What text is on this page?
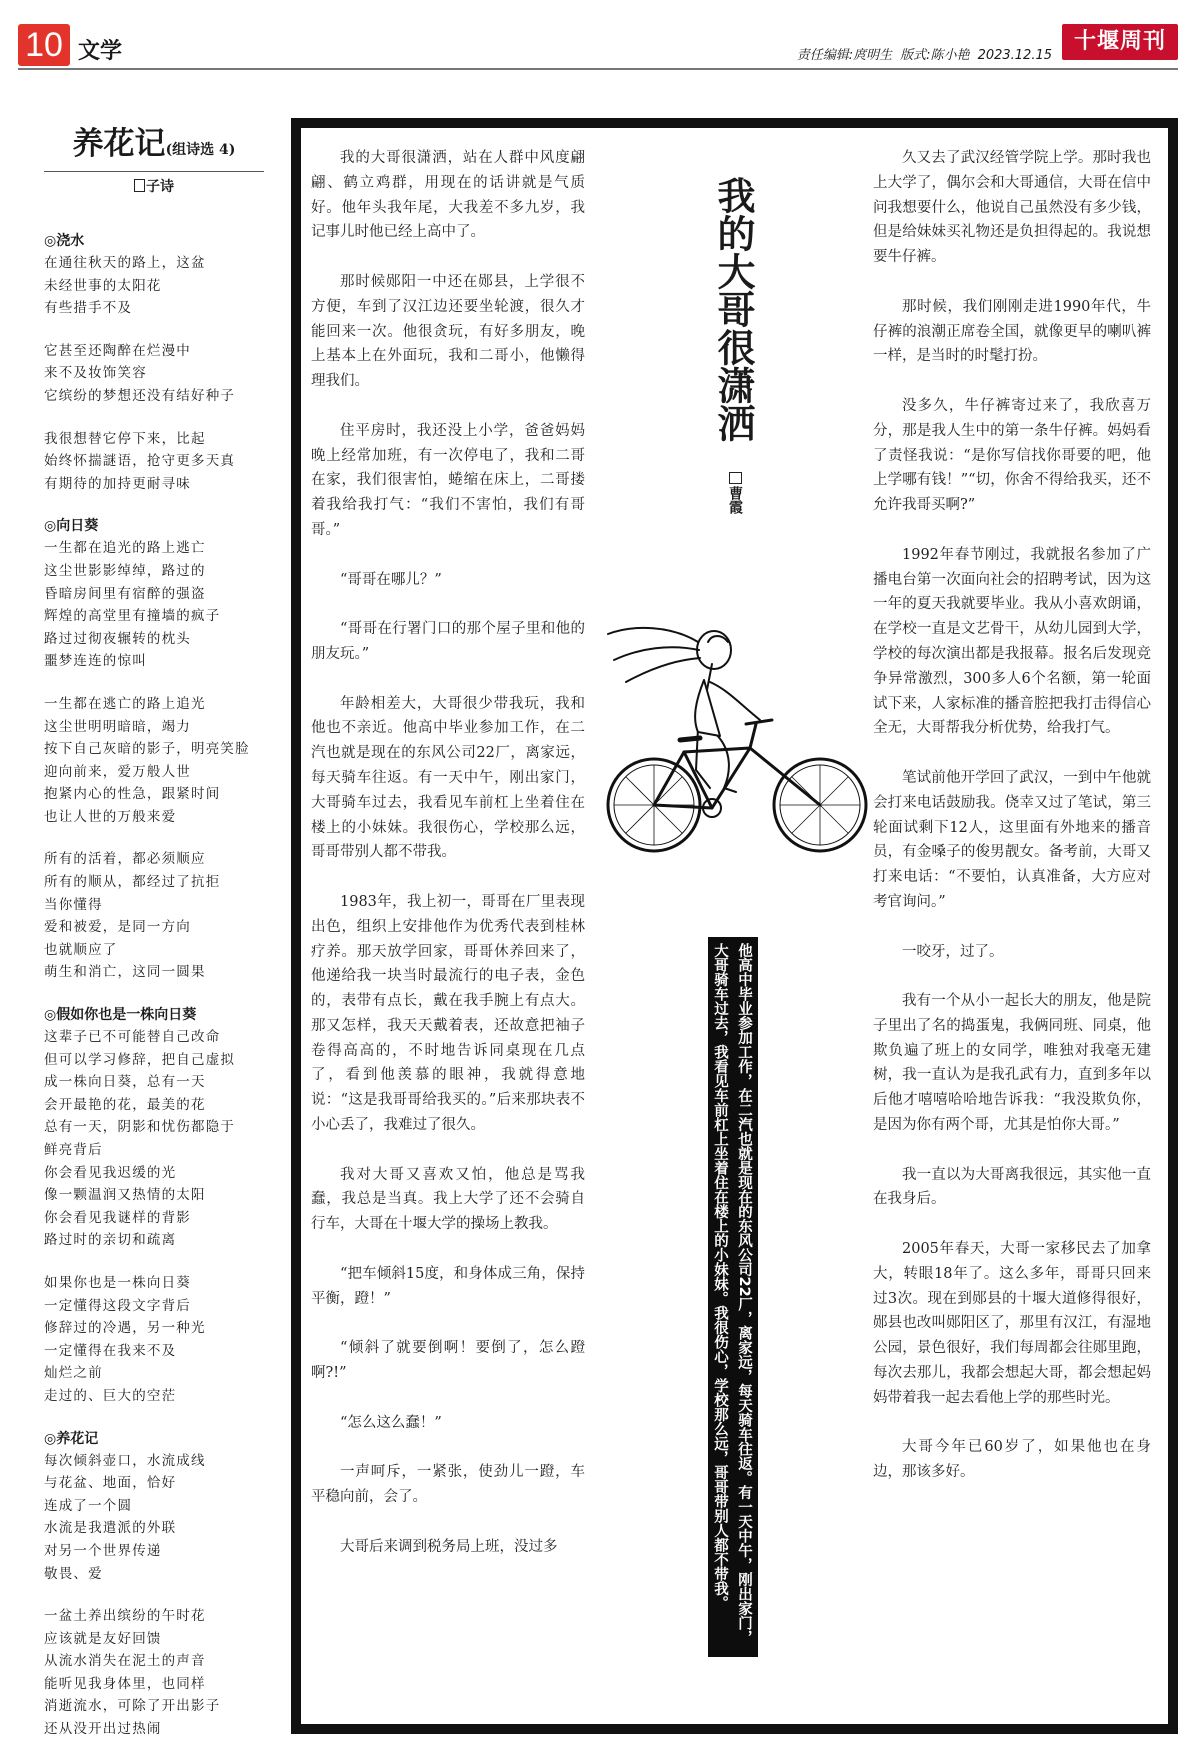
10 文学	责任编辑:庹明生 版式:陈小艳 2023.12.15
十堰周刊
养花记(组诗选 4)
子诗
◎浇水
在通往秋天的路上，这盆
未经世事的太阳花
有些措手不及
它甚至还陶醉在烂漫中
来不及妆饰笑容
它缤纷的梦想还没有结好种子
我很想替它停下来，比起
始终怀揣謎语，抢守更多天真
有期待的加持更耐寻味
◎向日葵
一生都在追光的路上逃亡
这尘世影影绰绰，路过的
昏暗房间里有宿醉的强盗
辉煌的高堂里有撞墙的疯子
路过过彻夜辗转的枕头
噩梦连连的惊叫
一生都在逃亡的路上追光
这尘世明明暗暗，竭力
按下自己灰暗的影子，明亮笑脸
迎向前来，爱万般人世
抱紧内心的性急，跟紧时间
也让人世的万般来爱
所有的活着，都必须顺应
所有的顺从，都经过了抗拒
当你懂得
爱和被爱，是同一方向
也就顺应了
萌生和消亡，这同一圆果
◎假如你也是一株向日葵
这辈子已不可能替自己改命
但可以学习修辞，把自己虚拟
成一株向日葵，总有一天
会开最艳的花，最美的花
总有一天，阴影和忧伤都隐于
鲜亮背后
你会看见我迟缓的光
像一颗温润又热情的太阳
你会看见我谜样的背影
路过时的亲切和疏离
如果你也是一株向日葵
一定懂得这段文字背后
修辞过的冷遇，另一种光
一定懂得在我来不及
灿烂之前
走过的、巨大的空茫
◎养花记
每次倾斜壶口，水流成线
与花盆、地面，恰好
连成了一个圆
水流是我遣派的外联
对另一个世界传递
敬畏、爱
一盆土养出缤纷的午时花
应该就是友好回馈
从流水消失在泥土的声音
能听见我身体里，也同样
消逝流水，可除了开出影子
还从没开出过热闹

我的大哥很潇洒，站在人群中风度翩翩、鹤立鸡群，用现在的话讲就是气质好。他年头我年尾，大我差不多九岁，我记事儿时他已经上高中了。

那时候郧阳一中还在郧县，上学很不方便，车到了汉江边还要坐轮渡，很久才能回来一次。他很贪玩，有好多朋友，晚上基本上在外面玩，我和二哥小，他懒得理我们。

住平房时，我还没上小学，爸爸妈妈晚上经常加班，有一次停电了，我和二哥在家，我们很害怕，蜷缩在床上，二哥搂着我给我打气：“我们不害怕，我们有哥哥。”

“哥哥在哪儿？”

“哥哥在行署门口的那个屋子里和他的朋友玩。”

年龄相差大，大哥很少带我玩，我和他也不亲近。他高中毕业参加工作，在二汽也就是现在的东风公司22厂，离家远，每天骑车往返。有一天中午，刚出家门，大哥骑车过去，我看见车前杠上坐着住在楼上的小妹妹。我很伤心，学校那么远，哥哥带别人都不带我。

1983年，我上初一，哥哥在厂里表现出色，组织上安排他作为优秀代表到桂林疗养。那天放学回家，哥哥休养回来了，他递给我一块当时最流行的电子表，金色的，表带有点长，戴在我手腕上有点大。那又怎样，我天天戴着表，还故意把袖子卷得高高的，不时地告诉同桌现在几点了，看到他羡慕的眼神，我就得意地说：“这是我哥哥给我买的。”后来那块表不小心丢了，我难过了很久。

我对大哥又喜欢又怕，他总是骂我蠢，我总是当真。我上大学了还不会骑自行车，大哥在十堰大学的操场上教我。

“把车倾斜15度，和身体成三角，保持平衡，蹬！”

“倾斜了就要倒啊！要倒了，怎么蹬啊?!”

“怎么这么蠢！”

一声呵斥，一紧张，使劲儿一蹬，车平稳向前，会了。

大哥后来调到税务局上班，没过多

我的大哥很潇洒
曹霞
他高中毕业参加工作，在二汽也就是现在的东风公司22厂，离家远，每天骑车往返。有一天中午，刚出家门，大哥骑车过去，我看见车前杠上坐着住在楼上的小妹妹。我很伤心，学校那么远，哥哥带别人都不带我。

久又去了武汉经管学院上学。那时我也上大学了，偶尔会和大哥通信，大哥在信中问我想要什么，他说自己虽然没有多少钱，但是给妹妹买礼物还是负担得起的。我说想要牛仔裤。

那时候，我们刚刚走进1990年代，牛仔裤的浪潮正席卷全国，就像更早的喇叭裤一样，是当时的时髦打扮。

没多久，牛仔裤寄过来了，我欣喜万分，那是我人生中的第一条牛仔裤。妈妈看了责怪我说：“是你写信找你哥要的吧，他上学哪有钱！”“切，你舍不得给我买，还不允许我哥买啊?”

1992年春节刚过，我就报名参加了广播电台第一次面向社会的招聘考试，因为这一年的夏天我就要毕业。我从小喜欢朗诵，在学校一直是文艺骨干，从幼儿园到大学，学校的每次演出都是我报幕。报名后发现竞争异常激烈，300多人6个名额，第一轮面试下来，人家标准的播音腔把我打击得信心全无，大哥帮我分析优势，给我打气。

笔试前他开学回了武汉，一到中午他就会打来电话鼓励我。侥幸又过了笔试，第三轮面试剩下12人，这里面有外地来的播音员，有金嗓子的俊男靓女。备考前，大哥又打来电话：“不要怕，认真准备，大方应对考官询问。”

一咬牙，过了。

我有一个从小一起长大的朋友，他是院子里出了名的捣蛋鬼，我俩同班、同桌，他欺负遍了班上的女同学，唯独对我毫无建树，我一直认为是我孔武有力，直到多年以后他才嘻嘻哈哈地告诉我：“我没欺负你，是因为你有两个哥，尤其是怕你大哥。”

我一直以为大哥离我很远，其实他一直在我身后。

2005年春天，大哥一家移民去了加拿大，转眼18年了。这么多年，哥哥只回来过3次。现在到郧县的十堰大道修得很好，郧县也改叫郧阳区了，那里有汉江，有湿地公园，景色很好，我们每周都会往郧里跑，每次去那儿，我都会想起大哥，都会想起妈妈带着我一起去看他上学的那些时光。

大哥今年已60岁了，如果他也在身边，那该多好。
